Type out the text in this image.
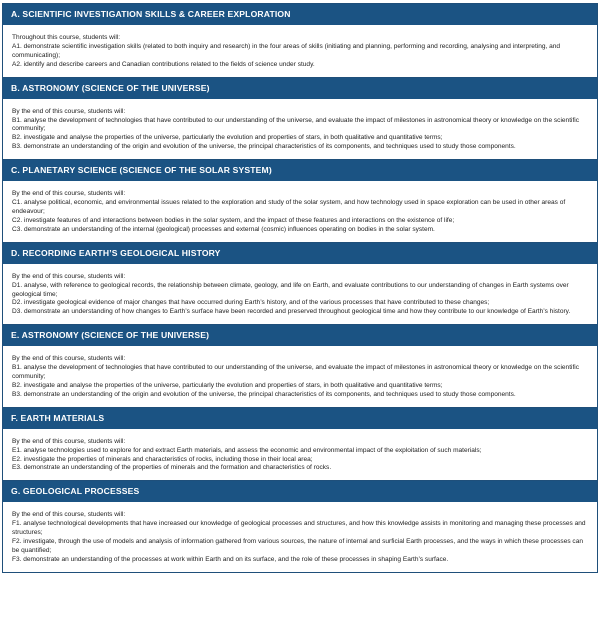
A. SCIENTIFIC INVESTIGATION SKILLS & CAREER EXPLORATION

Throughout this course, students will:

A1. demonstrate scientific investigation skills (related to both inquiry and research) in the four areas of skills (initiating and planning, performing and recording, analysing and interpreting, and communicating);

A2. identify and describe careers and Canadian contributions related to the fields of science under study.

B. ASTRONOMY (SCIENCE OF THE UNIVERSE)

By the end of this course, students will:

B1. analyse the development of technologies that have contributed to our understanding of the universe, and evaluate the impact of milestones in astronomical theory or knowledge on the scientific community;

B2. investigate and analyse the properties of the universe, particularly the evolution and properties of stars, in both qualitative and quantitative terms;

B3. demonstrate an understanding of the origin and evolution of the universe, the principal characteristics of its components, and techniques used to study those components.

C. PLANETARY SCIENCE (SCIENCE OF THE SOLAR SYSTEM)

By the end of this course, students will:

C1. analyse political, economic, and environmental issues related to the exploration and study of the solar system, and how technology used in space exploration can be used in other areas of endeavour;

C2. investigate features of and interactions between bodies in the solar system, and the impact of these features and interactions on the existence of life;

C3. demonstrate an understanding of the internal (geological) processes and external (cosmic) influences operating on bodies in the solar system.

D. RECORDING EARTH’S GEOLOGICAL HISTORY

By the end of this course, students will:

D1. analyse, with reference to geological records, the relationship between climate, geology, and life on Earth, and evaluate contributions to our understanding of changes in Earth systems over geological time;

D2. investigate geological evidence of major changes that have occurred during Earth’s history, and of the various processes that have contributed to these changes;

D3. demonstrate an understanding of how changes to Earth’s surface have been recorded and preserved throughout geological time and how they contribute to our knowledge of Earth’s history.

E. ASTRONOMY (SCIENCE OF THE UNIVERSE)

By the end of this course, students will:

B1. analyse the development of technologies that have contributed to our understanding of the universe, and evaluate the impact of milestones in astronomical theory or knowledge on the scientific community;

B2. investigate and analyse the properties of the universe, particularly the evolution and properties of stars, in both qualitative and quantitative terms;

B3. demonstrate an understanding of the origin and evolution of the universe, the principal characteristics of its components, and techniques used to study those components.

F. EARTH MATERIALS

By the end of this course, students will:

E1. analyse technologies used to explore for and extract Earth materials, and assess the economic and environmental impact of the exploitation of such materials;

E2. investigate the properties of minerals and characteristics of rocks, including those in their local area;

E3. demonstrate an understanding of the properties of minerals and the formation and characteristics of rocks.

G. GEOLOGICAL PROCESSES

By the end of this course, students will:

F1. analyse technological developments that have increased our knowledge of geological processes and structures, and how this knowledge assists in monitoring and managing these processes and structures;

F2. investigate, through the use of models and analysis of information gathered from various sources, the nature of internal and surficial Earth processes, and the ways in which these processes can be quantified;

F3. demonstrate an understanding of the processes at work within Earth and on its surface, and the role of these processes in shaping Earth’s surface.
